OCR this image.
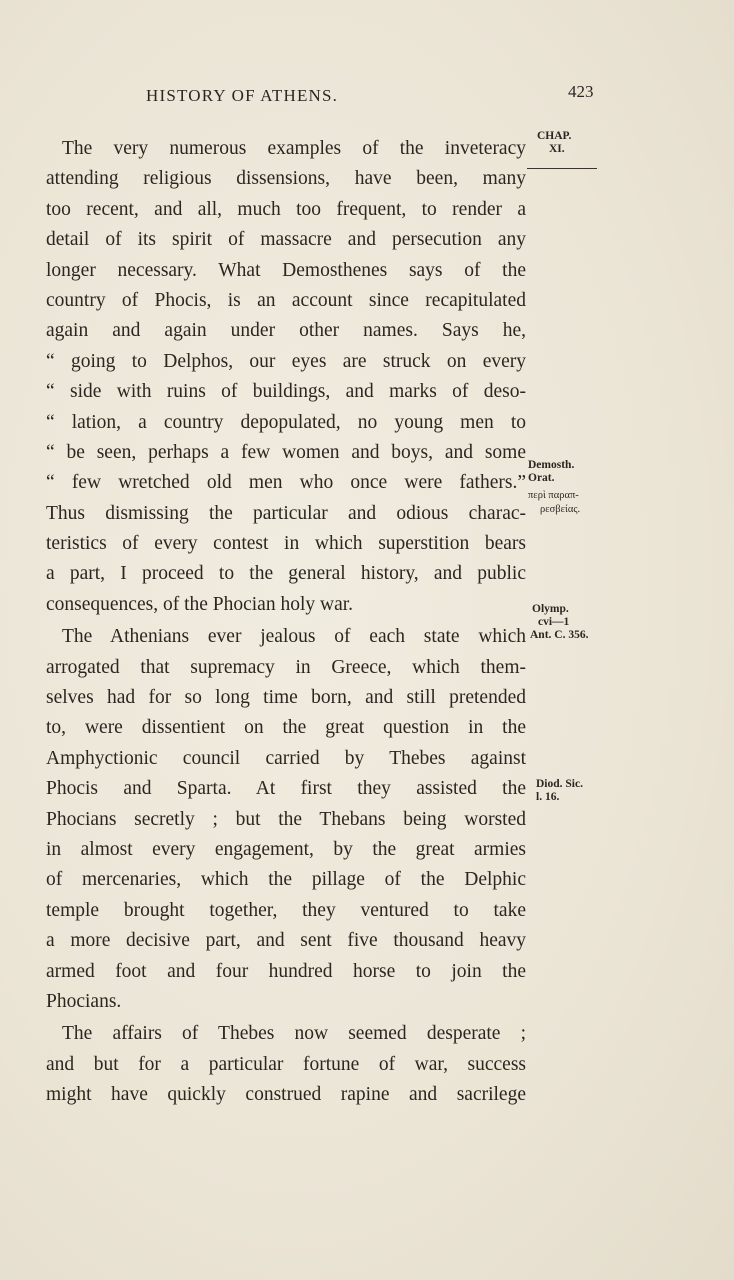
HISTORY OF ATHENS.	423
CHAP.
XI.
Demosth.
Orat.
περὶ παραπ-
ρεσβείας.
Olymp.
cvi—1
Ant. C. 356.
Diod. Sic.
l. 16.
The very numerous examples of the inveteracy
attending religious dissensions, have been, many
too recent, and all, much too frequent, to render a
detail of its spirit of massacre and persecution any
longer necessary. What Demosthenes says of the
country of Phocis, is an account since recapitulated
again and again under other names. Says he,
“ going to Delphos, our eyes are struck on every
“ side with ruins of buildings, and marks of deso-
“ lation, a country depopulated, no young men to
“ be seen, perhaps a few women and boys, and some
“ few wretched old men who once were fathers.”
Thus dismissing the particular and odious charac-
teristics of every contest in which superstition bears
a part, I proceed to the general history, and public
consequences, of the Phocian holy war.
The Athenians ever jealous of each state which
arrogated that supremacy in Greece, which them-
selves had for so long time born, and still pretended
to, were dissentient on the great question in the
Amphyctionic council carried by Thebes against
Phocis and Sparta. At first they assisted the
Phocians secretly ; but the Thebans being worsted
in almost every engagement, by the great armies
of mercenaries, which the pillage of the Delphic
temple brought together, they ventured to take
a more decisive part, and sent five thousand heavy
armed foot and four hundred horse to join the
Phocians.
The affairs of Thebes now seemed desperate ;
and but for a particular fortune of war, success
might have quickly construed rapine and sacrilege
